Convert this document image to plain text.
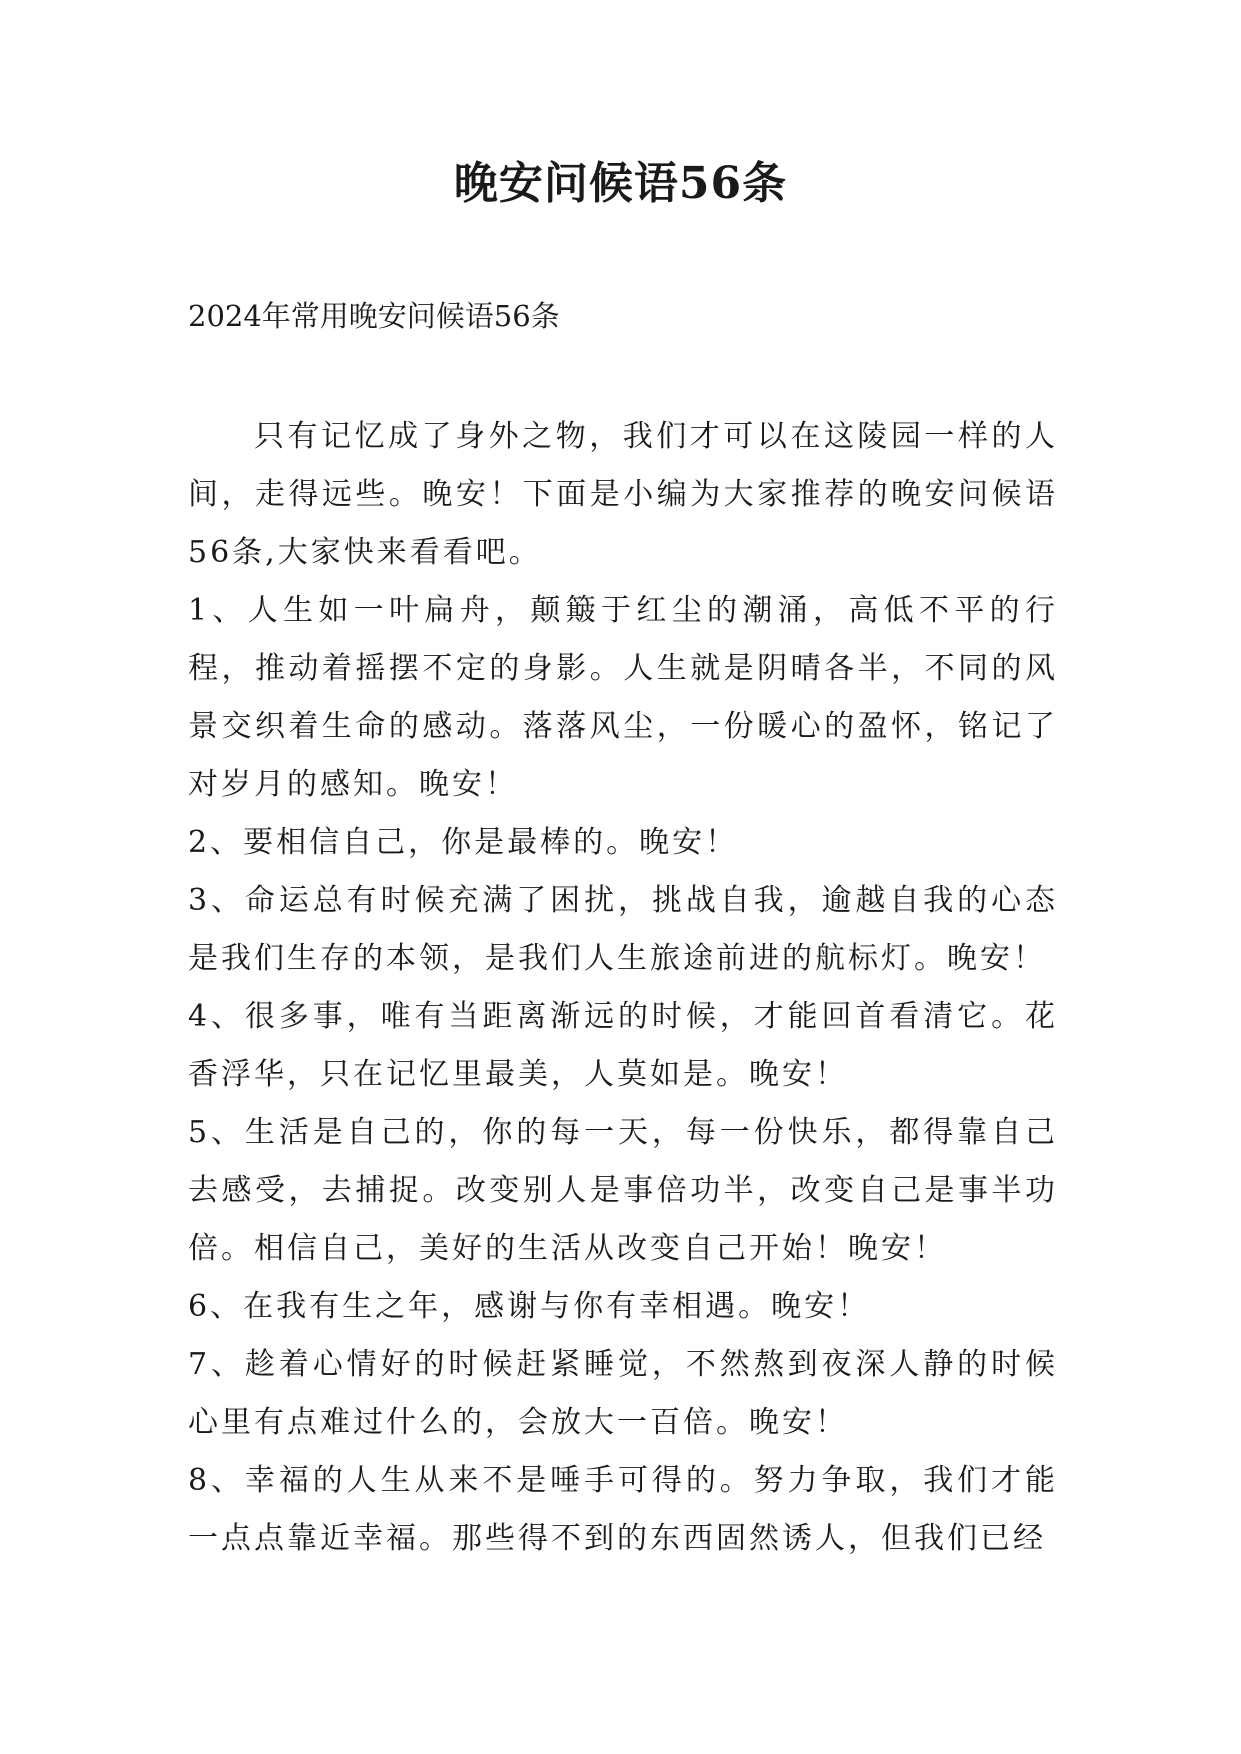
晚安问候语56条

2024年常用晚安问候语56条

只有记忆成了身外之物，我们才可以在这陵园一样的人间，走得远些。晚安！下面是小编为大家推荐的晚安问候语56条,大家快来看看吧。

1、人生如一叶扁舟，颠簸于红尘的潮涌，高低不平的行程，推动着摇摆不定的身影。人生就是阴晴各半，不同的风景交织着生命的感动。落落风尘，一份暖心的盈怀，铭记了对岁月的感知。晚安！

2、要相信自己，你是最棒的。晚安！

3、命运总有时候充满了困扰，挑战自我，逾越自我的心态是我们生存的本领，是我们人生旅途前进的航标灯。晚安！

4、很多事，唯有当距离渐远的时候，才能回首看清它。花香浮华，只在记忆里最美，人莫如是。晚安！

5、生活是自己的，你的每一天，每一份快乐，都得靠自己去感受，去捕捉。改变别人是事倍功半，改变自己是事半功倍。相信自己，美好的生活从改变自己开始！晚安！

6、在我有生之年，感谢与你有幸相遇。晚安！

7、趁着心情好的时候赶紧睡觉，不然熬到夜深人静的时候心里有点难过什么的，会放大一百倍。晚安！

8、幸福的人生从来不是唾手可得的。努力争取，我们才能一点点靠近幸福。那些得不到的东西固然诱人，但我们已经
